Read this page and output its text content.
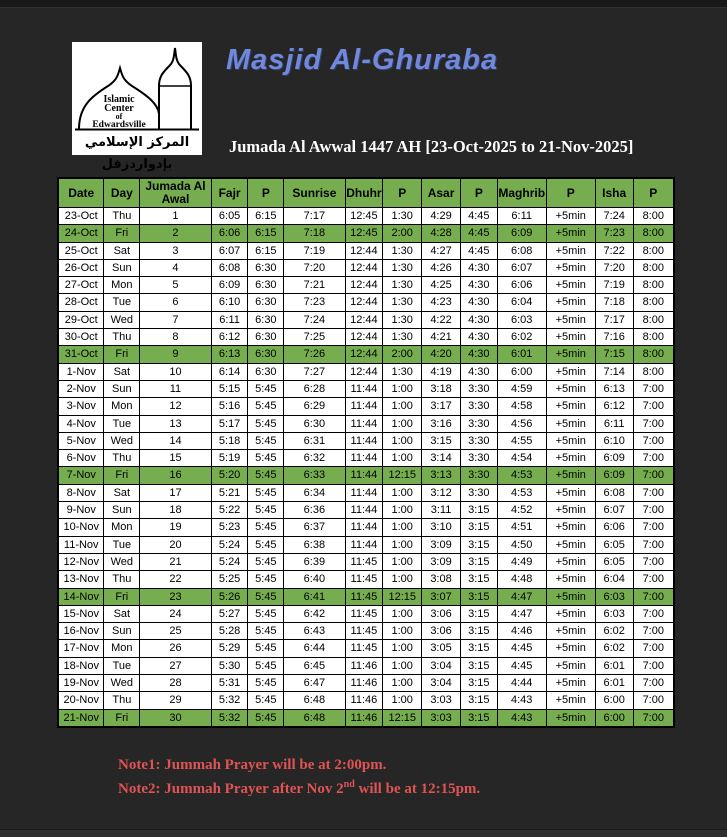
Islamic
Center
of
Edwardsville
المركز الإسلامي بإدواردزفل
Masjid Al-Ghuraba
Jumada Al Awwal 1447 AH [23-Oct-2025 to 21-Nov-2025]
Date	Day	Jumada Al Awal	Fajr	P	Sunrise	Dhuhr	P	Asar	P	Maghrib	P	Isha	P
23-Oct	Thu	1	6:05	6:15	7:17	12:45	1:30	4:29	4:45	6:11	+5min	7:24	8:00
24-Oct	Fri	2	6:06	6:15	7:18	12:45	2:00	4:28	4:45	6:09	+5min	7:23	8:00
25-Oct	Sat	3	6:07	6:15	7:19	12:44	1:30	4:27	4:45	6:08	+5min	7:22	8:00
26-Oct	Sun	4	6:08	6:30	7:20	12:44	1:30	4:26	4:30	6:07	+5min	7:20	8:00
27-Oct	Mon	5	6:09	6:30	7:21	12:44	1:30	4:25	4:30	6:06	+5min	7:19	8:00
28-Oct	Tue	6	6:10	6:30	7:23	12:44	1:30	4:23	4:30	6:04	+5min	7:18	8:00
29-Oct	Wed	7	6:11	6:30	7:24	12:44	1:30	4:22	4:30	6:03	+5min	7:17	8:00
30-Oct	Thu	8	6:12	6:30	7:25	12:44	1:30	4:21	4:30	6:02	+5min	7:16	8:00
31-Oct	Fri	9	6:13	6:30	7:26	12:44	2:00	4:20	4:30	6:01	+5min	7:15	8:00
1-Nov	Sat	10	6:14	6:30	7:27	12:44	1:30	4:19	4:30	6:00	+5min	7:14	8:00
2-Nov	Sun	11	5:15	5:45	6:28	11:44	1:00	3:18	3:30	4:59	+5min	6:13	7:00
3-Nov	Mon	12	5:16	5:45	6:29	11:44	1:00	3:17	3:30	4:58	+5min	6:12	7:00
4-Nov	Tue	13	5:17	5:45	6:30	11:44	1:00	3:16	3:30	4:56	+5min	6:11	7:00
5-Nov	Wed	14	5:18	5:45	6:31	11:44	1:00	3:15	3:30	4:55	+5min	6:10	7:00
6-Nov	Thu	15	5:19	5:45	6:32	11:44	1:00	3:14	3:30	4:54	+5min	6:09	7:00
7-Nov	Fri	16	5:20	5:45	6:33	11:44	12:15	3:13	3:30	4:53	+5min	6:09	7:00
8-Nov	Sat	17	5:21	5:45	6:34	11:44	1:00	3:12	3:30	4:53	+5min	6:08	7:00
9-Nov	Sun	18	5:22	5:45	6:36	11:44	1:00	3:11	3:15	4:52	+5min	6:07	7:00
10-Nov	Mon	19	5:23	5:45	6:37	11:44	1:00	3:10	3:15	4:51	+5min	6:06	7:00
11-Nov	Tue	20	5:24	5:45	6:38	11:44	1:00	3:09	3:15	4:50	+5min	6:05	7:00
12-Nov	Wed	21	5:24	5:45	6:39	11:45	1:00	3:09	3:15	4:49	+5min	6:05	7:00
13-Nov	Thu	22	5:25	5:45	6:40	11:45	1:00	3:08	3:15	4:48	+5min	6:04	7:00
14-Nov	Fri	23	5:26	5:45	6:41	11:45	12:15	3:07	3:15	4:47	+5min	6:03	7:00
15-Nov	Sat	24	5:27	5:45	6:42	11:45	1:00	3:06	3:15	4:47	+5min	6:03	7:00
16-Nov	Sun	25	5:28	5:45	6:43	11:45	1:00	3:06	3:15	4:46	+5min	6:02	7:00
17-Nov	Mon	26	5:29	5:45	6:44	11:45	1:00	3:05	3:15	4:45	+5min	6:02	7:00
18-Nov	Tue	27	5:30	5:45	6:45	11:46	1:00	3:04	3:15	4:45	+5min	6:01	7:00
19-Nov	Wed	28	5:31	5:45	6:47	11:46	1:00	3:04	3:15	4:44	+5min	6:01	7:00
20-Nov	Thu	29	5:32	5:45	6:48	11:46	1:00	3:03	3:15	4:43	+5min	6:00	7:00
21-Nov	Fri	30	5:32	5:45	6:48	11:46	12:15	3:03	3:15	4:43	+5min	6:00	7:00
Note1: Jummah Prayer will be at 2:00pm.
Note2: Jummah Prayer after Nov 2nd will be at 12:15pm.
